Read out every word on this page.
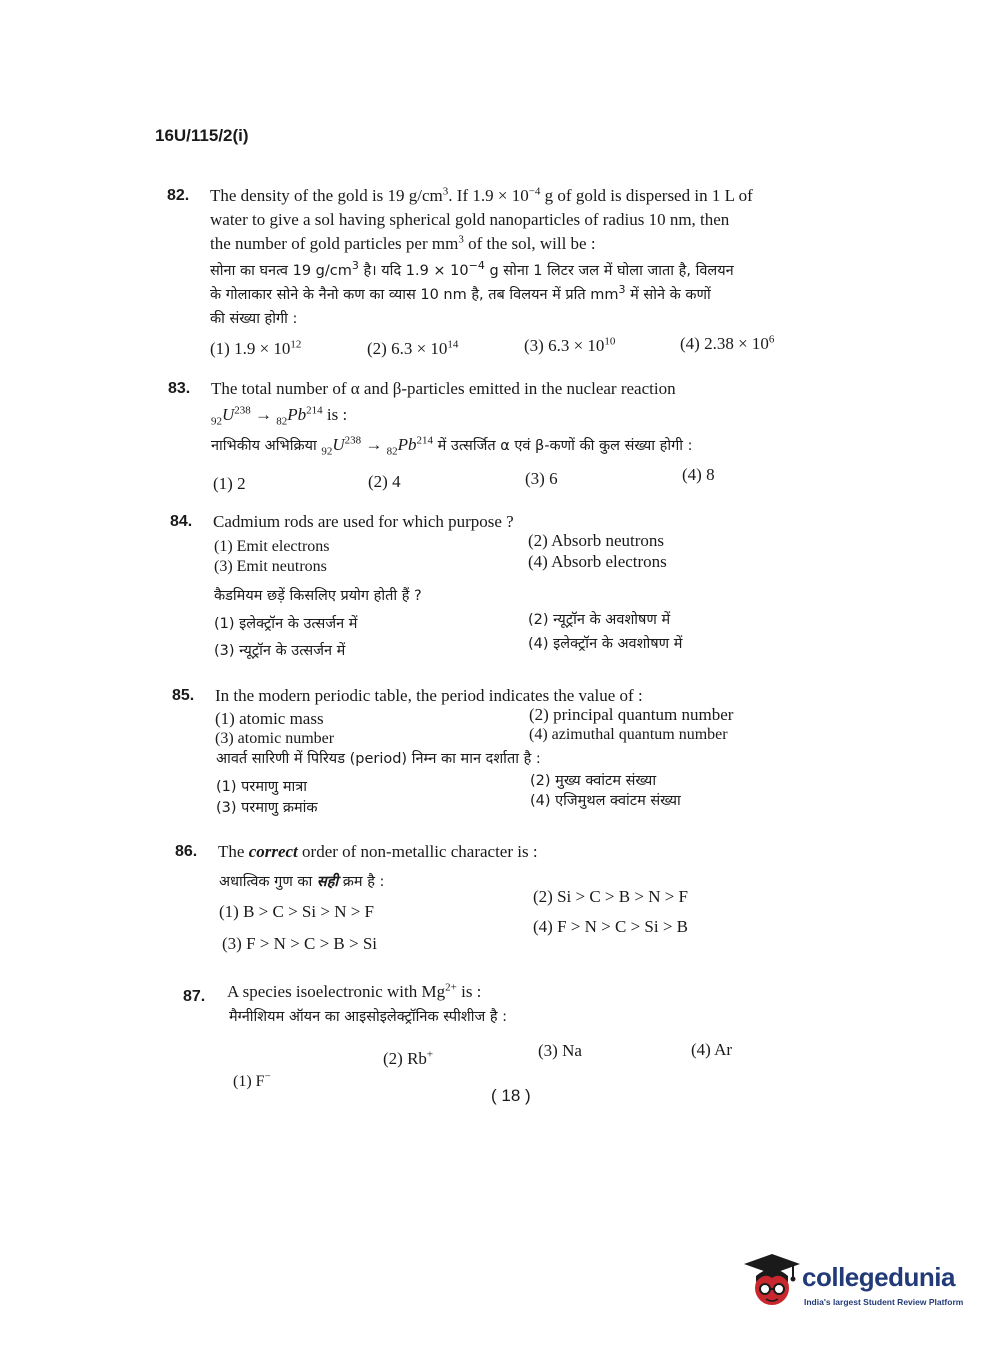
16U/115/2(i)
82. The density of the gold is 19 $g/cm^3$. If $1.9 \times 10^{-4}$ g of gold is dispersed in 1 L of
water to give a sol having spherical gold nanoparticles of radius 10 nm, then
the number of gold particles per $mm^3$ of the sol, will be :
सोना का घनत्व 19 $g/cm^3$ है। यदि $1.9 \times 10^{-4}$ g सोना 1 लिटर जल में घोला जाता है, विलयन
के गोलाकार सोने के नैनो कण का व्यास 10 nm है, तब विलयन में प्रति $mm^3$ में सोने के कणों
की संख्या होगी :
(1) $1.9 \times 10^{12}$	(2) $6.3 \times 10^{14}$	(3) $6.3 \times 10^{10}$	(4) $2.38 \times 10^6$
83. The total number of α and β-particles emitted in the nuclear reaction
$_{92}U^{238} \to _{82}Pb^{214}$ is :
नाभिकीय अभिक्रिया $_{92}U^{238} \to _{82}Pb^{214}$ में उत्सर्जित α एवं β-कणों की कुल संख्या होगी :
(1) 2	(2) 4	(3) 6	(4) 8
84. Cadmium rods are used for which purpose ?
(1) Emit electrons	(2) Absorb neutrons
(3) Emit neutrons	(4) Absorb electrons
कैडमियम छड़ें किसलिए प्रयोग होती हैं ?
(1) इलेक्ट्रॉन के उत्सर्जन में	(2) न्यूट्रॉन के अवशोषण में
(3) न्यूट्रॉन के उत्सर्जन में	(4) इलेक्ट्रॉन के अवशोषण में
85. In the modern periodic table, the period indicates the value of :
(1) atomic mass	(2) principal quantum number
(3) atomic number	(4) azimuthal quantum number
आवर्त सारिणी में पिरियड (period) निम्न का मान दर्शाता है :
(1) परमाणु मात्रा	(2) मुख्य क्वांटम संख्या
(3) परमाणु क्रमांक	(4) एजिमुथल क्वांटम संख्या
86. The correct order of non-metallic character is :
अधात्विक गुण का सही क्रम है :
(1) B > C > Si > N > F
(2) Si > C > B > N > F
(3) F > N > C > B > Si
(4) F > N > C > Si > B
87. A species isoelectronic with $Mg^{2+}$ is :
मैग्नीशियम ऑयन का आइसोइलेक्ट्रॉनिक स्पीशीज है :
(1) F−
(2) Rb+	(3) Na	(4) Ar
( 18 )
collegedunia
India's largest Student Review Platform
